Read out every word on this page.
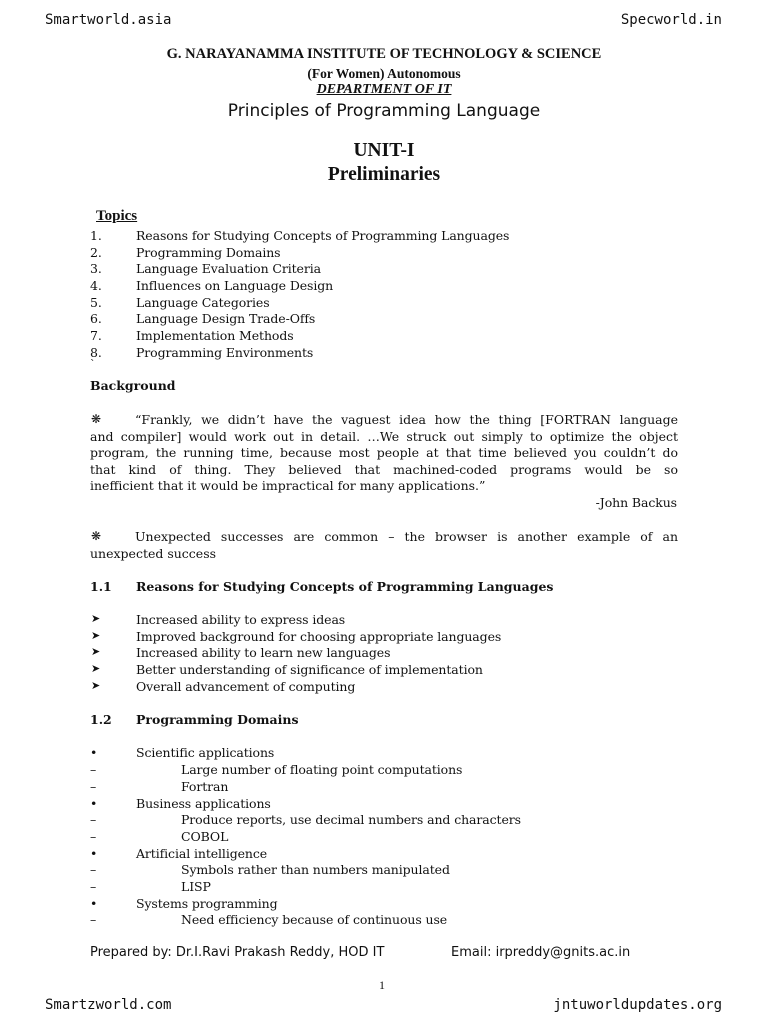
Smartworld.asia	Specworld.in
G. NARAYANAMMA INSTITUTE OF TECHNOLOGY & SCIENCE
(For Women) Autonomous
DEPARTMENT OF IT
Principles of Programming Language
UNIT-I
Preliminaries
Topics
1.	Reasons for Studying Concepts of Programming Languages
2.	Programming Domains
3.	Language Evaluation Criteria
4.	Influences on Language Design
5.	Language Categories
6.	Language Design Trade-Offs
7.	Implementation Methods
8.	Programming Environments
`
Background
❋	“Frankly, we didn’t have the vaguest idea how the thing [FORTRAN language
and compiler] would work out in detail. …We struck out simply to optimize the object
program, the running time, because most people at that time believed you couldn’t do
that kind of thing. They believed that machined-coded programs would be so
inefficient that it would be impractical for many applications.”
-John Backus
❋	Unexpected successes are common – the browser is another example of an
unexpected success
1.1 Reasons for Studying Concepts of Programming Languages
➤	Increased ability to express ideas
➤	Improved background for choosing appropriate languages
➤	Increased ability to learn new languages
➤	Better understanding of significance of implementation
➤	Overall advancement of computing
1.2 Programming Domains
•	Scientific applications
–	Large number of floating point computations
–	Fortran
•	Business applications
–	Produce reports, use decimal numbers and characters
–	COBOL
•	Artificial intelligence
–	Symbols rather than numbers manipulated
–	LISP
•	Systems programming
–	Need efficiency because of continuous use
Prepared by: Dr.I.Ravi Prakash Reddy, HOD IT	Email: irpreddy@gnits.ac.in
1
Smartzworld.com	jntuworldupdates.org
